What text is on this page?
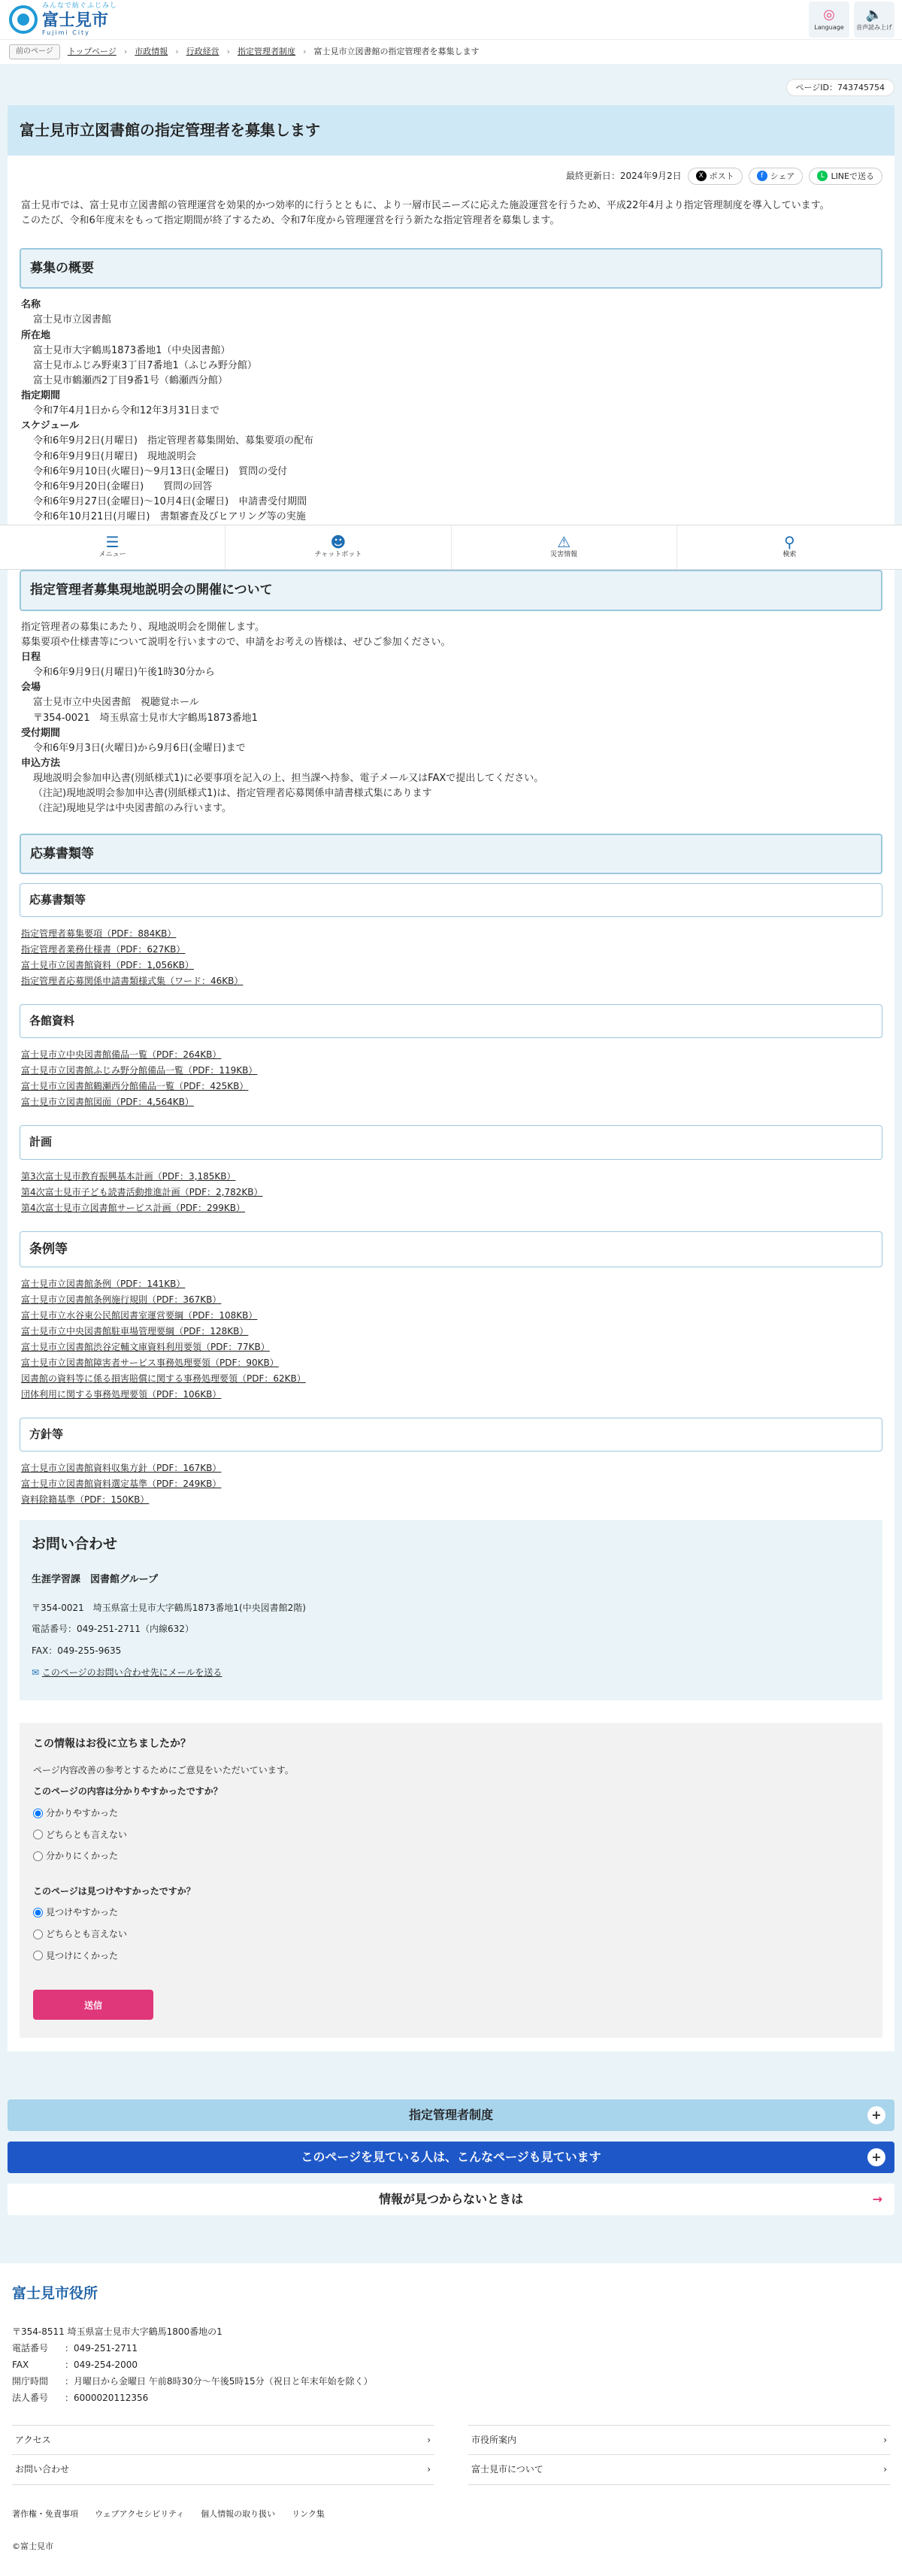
みんなで紡ぐふじみし
富士見市
Fujimi City
◎
Language
🔈
音声読み上げ
前のページ	トップページ › 市政情報 › 行政経営 › 指定管理者制度 › 富士見市立図書館の指定管理者を募集します
ページID：743745754
富士見市立図書館の指定管理者を募集します
最終更新日：2024年9月2日	X ポスト	f シェア	L LINEで送る

富士見市では、富士見市立図書館の管理運営を効果的かつ効率的に行うとともに、より一層市民ニーズに応えた施設運営を行うため、平成22年4月より指定管理制度を導入しています。

このたび、令和6年度末をもって指定期間が終了するため、令和7年度から管理運営を行う新たな指定管理者を募集します。

募集の概要
名称
富士見市立図書館
所在地
富士見市大字鶴馬1873番地1（中央図書館）
富士見市ふじみ野東3丁目7番地1（ふじみ野分館）
富士見市鶴瀬西2丁目9番1号（鶴瀬西分館）
指定期間
令和7年4月1日から令和12年3月31日まで
スケジュール
令和6年9月2日(月曜日)　指定管理者募集開始、募集要項の配布
令和6年9月9日(月曜日)　現地説明会
令和6年9月10日(火曜日)〜9月13日(金曜日)　質問の受付
令和6年9月20日(金曜日)　　質問の回答
令和6年9月27日(金曜日)〜10月4日(金曜日)　申請書受付期間
令和6年10月21日(月曜日)　書類審査及びヒアリング等の実施
☰
メニュー
☻
チャットボット
⚠
災害情報
⚲
検索
指定管理者募集現地説明会の開催について
指定管理者の募集にあたり、現地説明会を開催します。
募集要項や仕様書等について説明を行いますので、申請をお考えの皆様は、ぜひご参加ください。
日程
令和6年9月9日(月曜日)午後1時30分から
会場
富士見市立中央図書館　視聴覚ホール
〒354-0021　埼玉県富士見市大字鶴馬1873番地1
受付期間
令和6年9月3日(火曜日)から9月6日(金曜日)まで
申込方法
現地説明会参加申込書(別紙様式1)に必要事項を記入の上、担当課へ持参、電子メール又はFAXで提出してください。
（注記)現地説明会参加申込書(別紙様式1)は、指定管理者応募関係申請書様式集にあります
（注記)現地見学は中央図書館のみ行います。
応募書類等
応募書類等
指定管理者募集要項（PDF：884KB）
指定管理者業務仕様書（PDF：627KB）
富士見市立図書館資料（PDF：1,056KB）
指定管理者応募関係申請書類様式集（ワード：46KB）
各館資料
富士見市立中央図書館備品一覧（PDF：264KB）
富士見市立図書館ふじみ野分館備品一覧（PDF：119KB）
富士見市立図書館鶴瀬西分館備品一覧（PDF：425KB）
富士見市立図書館図面（PDF：4,564KB）
計画
第3次富士見市教育振興基本計画（PDF：3,185KB）
第4次富士見市子ども読書活動推進計画（PDF：2,782KB）
第4次富士見市立図書館サービス計画（PDF：299KB）
条例等
富士見市立図書館条例（PDF：141KB）
富士見市立図書館条例施行規則（PDF：367KB）
富士見市立水谷東公民館図書室運営要綱（PDF：108KB）
富士見市立中央図書館駐車場管理要綱（PDF：128KB）
富士見市立図書館渋谷定輔文庫資料利用要領（PDF：77KB）
富士見市立図書館障害者サービス事務処理要領（PDF：90KB）
図書館の資料等に係る損害賠償に関する事務処理要領（PDF：62KB）
団体利用に関する事務処理要領（PDF：106KB）
方針等
富士見市立図書館資料収集方針（PDF：167KB）
富士見市立図書館資料選定基準（PDF：249KB）
資料除籍基準（PDF：150KB）
お問い合わせ
生涯学習課　図書館グループ

〒354-0021　埼玉県富士見市大字鶴馬1873番地1(中央図書館2階)

電話番号：049-251-2711（内線632）

FAX：049-255-9635

✉ このページのお問い合わせ先にメールを送る

この情報はお役に立ちましたか？

ページ内容改善の参考とするためにご意見をいただいています。

このページの内容は分かりやすかったですか？
分かりやすかった
どちらとも言えない
分かりにくかった
このページは見つけやすかったですか？
見つけやすかった
どちらとも言えない
見つけにくかった
送信
指定管理者制度	+
このページを見ている人は、こんなページも見ています	+
情報が見つからないときは	→
富士見市役所
〒354-8511 埼玉県富士見市大字鶴馬1800番地の1
電話番号	：049-251-2711
FAX	：049-254-2000
開庁時間	：月曜日から金曜日 午前8時30分〜午後5時15分（祝日と年末年始を除く）
法人番号	：6000020112356
アクセス	›	市役所案内	›
お問い合わせ	›	富士見市について	›
著作権・免責事項 ウェブアクセシビリティ 個人情報の取り扱い リンク集
©富士見市
